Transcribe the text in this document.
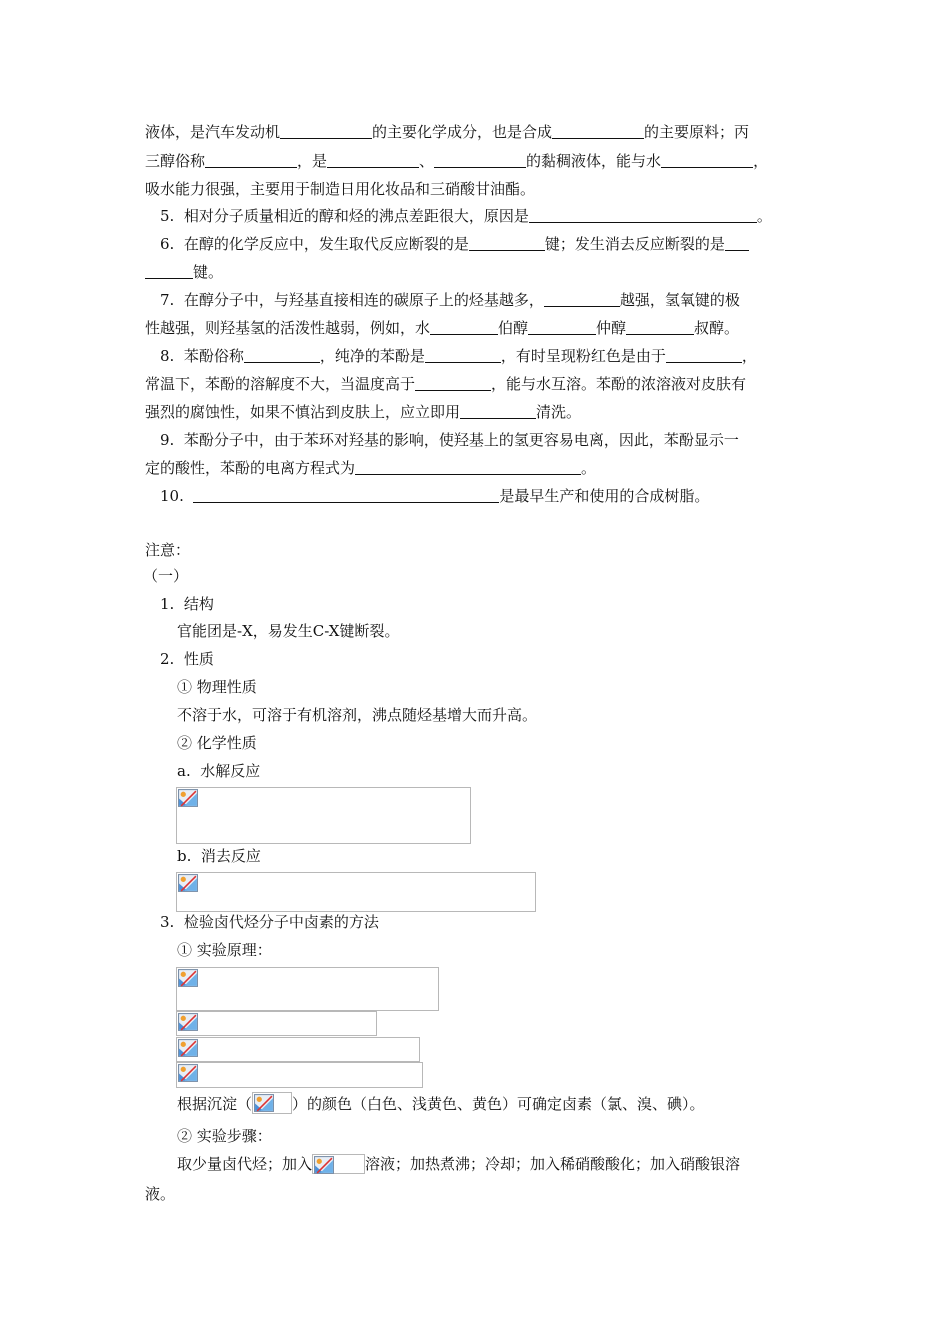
液体，是汽车发动机	的主要化学成分，也是合成	的主要原料；丙
三醇俗称	，是	、	的黏稠液体，能与水	，
吸水能力很强，主要用于制造日用化妆品和三硝酸甘油酯。
5. 相对分子质量相近的醇和烃的沸点差距很大，原因是	。
6. 在醇的化学反应中，发生取代反应断裂的是	键；发生消去反应断裂的是
键。
7. 在醇分子中，与羟基直接相连的碳原子上的烃基越多，	越强，氢氧键的极
性越强，则羟基氢的活泼性越弱，例如，水	伯醇	仲醇	叔醇。
8. 苯酚俗称	，纯净的苯酚是	，有时呈现粉红色是由于	，
常温下，苯酚的溶解度不大，当温度高于	，能与水互溶。苯酚的浓溶液对皮肤有
强烈的腐蚀性，如果不慎沾到皮肤上，应立即用	清洗。
9. 苯酚分子中，由于苯环对羟基的影响，使羟基上的氢更容易电离，因此，苯酚显示一
定的酸性，苯酚的电离方程式为	。
10.	是最早生产和使用的合成树脂。
注意：
（一）
1. 结构
官能团是-X，易发生C-X键断裂。
2. 性质
① 物理性质
不溶于水，可溶于有机溶剂，沸点随烃基增大而升高。
② 化学性质
a.  水解反应
b.  消去反应
3. 检验卤代烃分子中卤素的方法
① 实验原理：
根据沉淀（	）的颜色（白色、浅黄色、黄色）可确定卤素（氯、溴、碘）。
② 实验步骤：
取少量卤代烃；加入	溶液；加热煮沸；冷却；加入稀硝酸酸化；加入硝酸银溶
液。
